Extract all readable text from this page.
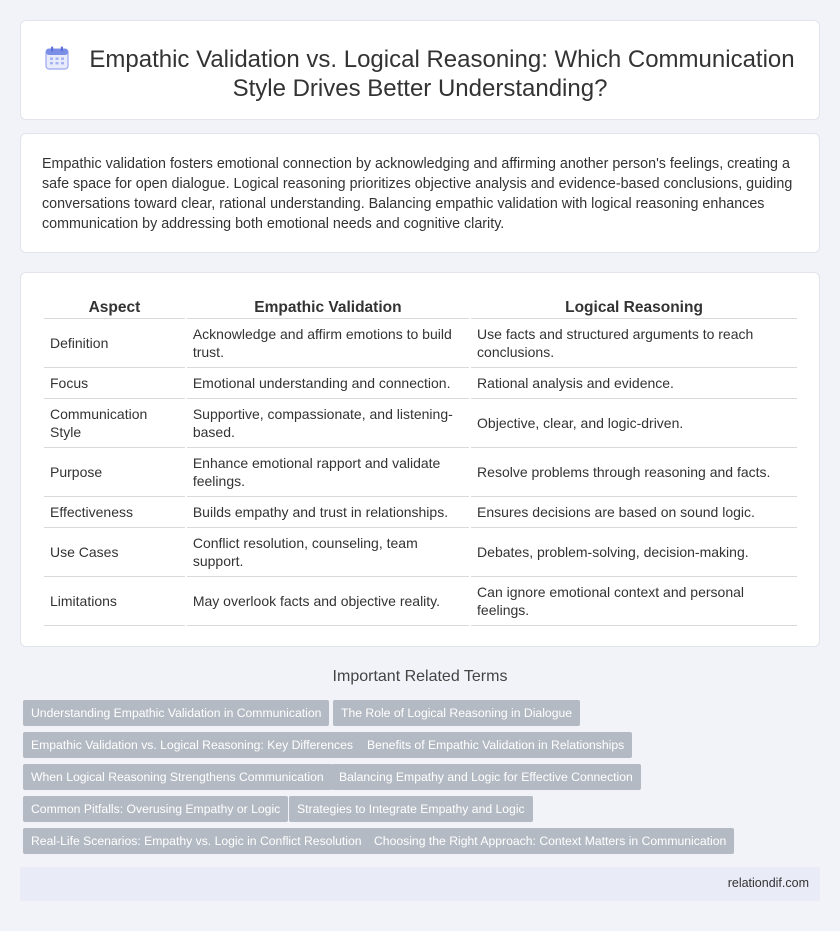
Empathic Validation vs. Logical Reasoning: Which Communication Style Drives Better Understanding?

Empathic validation fosters emotional connection by acknowledging and affirming another person's feelings, creating a safe space for open dialogue. Logical reasoning prioritizes objective analysis and evidence-based conclusions, guiding conversations toward clear, rational understanding. Balancing empathic validation with logical reasoning enhances communication by addressing both emotional needs and cognitive clarity.

Aspect	Empathic Validation	Logical Reasoning
Definition	Acknowledge and affirm emotions to build trust.	Use facts and structured arguments to reach conclusions.
Focus	Emotional understanding and connection.	Rational analysis and evidence.
Communication Style	Supportive, compassionate, and listening-based.	Objective, clear, and logic-driven.
Purpose	Enhance emotional rapport and validate feelings.	Resolve problems through reasoning and facts.
Effectiveness	Builds empathy and trust in relationships.	Ensures decisions are based on sound logic.
Use Cases	Conflict resolution, counseling, team support.	Debates, problem-solving, decision-making.
Limitations	May overlook facts and objective reality.	Can ignore emotional context and personal feelings.
Important Related Terms
Understanding Empathic Validation in Communication	The Role of Logical Reasoning in Dialogue
Empathic Validation vs. Logical Reasoning: Key Differences	Benefits of Empathic Validation in Relationships
When Logical Reasoning Strengthens Communication	Balancing Empathy and Logic for Effective Connection
Common Pitfalls: Overusing Empathy or Logic	Strategies to Integrate Empathy and Logic
Real-Life Scenarios: Empathy vs. Logic in Conflict Resolution	Choosing the Right Approach: Context Matters in Communication
relationdif.com
